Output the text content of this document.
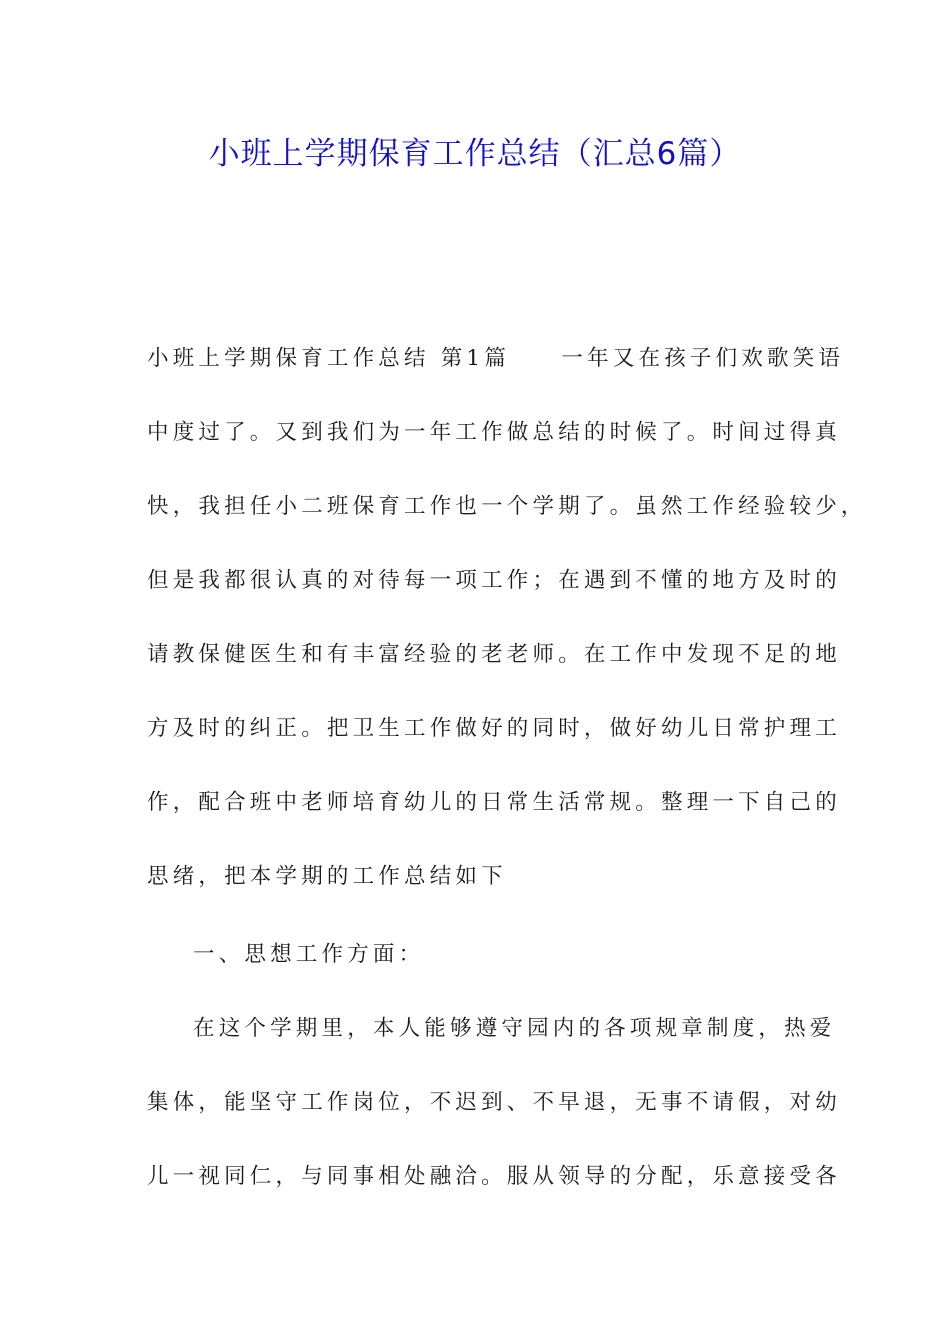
小班上学期保育工作总结（汇总6篇）
小班上学期保育工作总结 第1篇　　一年又在孩子们欢歌笑语
中度过了。又到我们为一年工作做总结的时候了。时间过得真
快，我担任小二班保育工作也一个学期了。虽然工作经验较少，
但是我都很认真的对待每一项工作；在遇到不懂的地方及时的
请教保健医生和有丰富经验的老老师。在工作中发现不足的地
方及时的纠正。把卫生工作做好的同时，做好幼儿日常护理工
作，配合班中老师培育幼儿的日常生活常规。整理一下自己的
思绪，把本学期的工作总结如下
一、思想工作方面：
在这个学期里，本人能够遵守园内的各项规章制度，热爱
集体，能坚守工作岗位，不迟到、不早退，无事不请假，对幼
儿一视同仁，与同事相处融洽。服从领导的分配，乐意接受各
